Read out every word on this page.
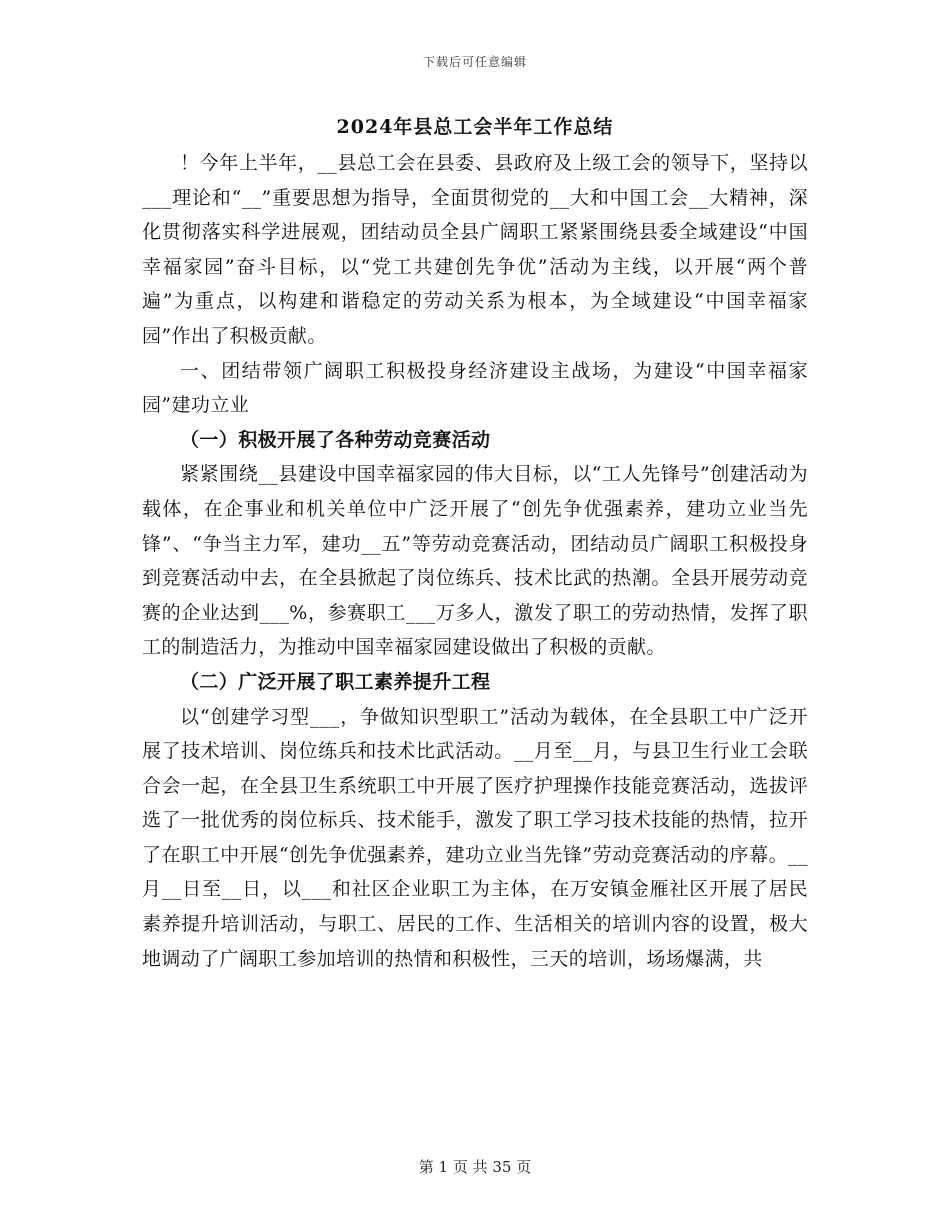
下载后可任意编辑
2024年县总工会半年工作总结

！今年上半年，__县总工会在县委、县政府及上级工会的领导下，坚持以___理论和“__”重要思想为指导，全面贯彻党的__大和中国工会__大精神，深化贯彻落实科学进展观，团结动员全县广阔职工紧紧围绕县委全域建设“中国幸福家园”奋斗目标，以“党工共建创先争优”活动为主线，以开展“两个普遍”为重点，以构建和谐稳定的劳动关系为根本，为全域建设“中国幸福家园”作出了积极贡献。

一、团结带领广阔职工积极投身经济建设主战场，为建设“中国幸福家园”建功立业

（一）积极开展了各种劳动竞赛活动

紧紧围绕__县建设中国幸福家园的伟大目标，以“工人先锋号”创建活动为载体，在企事业和机关单位中广泛开展了“创先争优强素养，建功立业当先锋”、“争当主力军，建功__五”等劳动竞赛活动，团结动员广阔职工积极投身到竞赛活动中去，在全县掀起了岗位练兵、技术比武的热潮。全县开展劳动竞赛的企业达到___%，参赛职工___万多人，激发了职工的劳动热情，发挥了职工的制造活力，为推动中国幸福家园建设做出了积极的贡献。

（二）广泛开展了职工素养提升工程

以“创建学习型___，争做知识型职工”活动为载体，在全县职工中广泛开展了技术培训、岗位练兵和技术比武活动。__月至__月，与县卫生行业工会联合会一起，在全县卫生系统职工中开展了医疗护理操作技能竞赛活动，选拔评选了一批优秀的岗位标兵、技术能手，激发了职工学习技术技能的热情，拉开了在职工中开展“创先争优强素养，建功立业当先锋”劳动竞赛活动的序幕。__月__日至__日，以___和社区企业职工为主体，在万安镇金雁社区开展了居民素养提升培训活动，与职工、居民的工作、生活相关的培训内容的设置，极大地调动了广阔职工参加培训的热情和积极性，三天的培训，场场爆满，共

第 1 页 共 35 页
